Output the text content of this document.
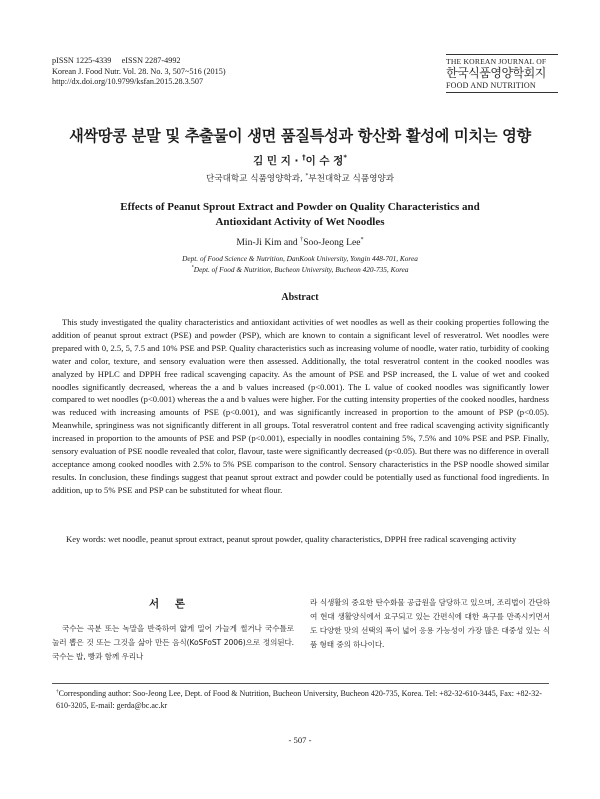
pISSN 1225-4339     eISSN 2287-4992
Korean J. Food Nutr. Vol. 28. No. 3, 507~516 (2015)
http://dx.doi.org/10.9799/ksfan.2015.28.3.507
THE KOREAN JOURNAL OF
한국식품영양학회지
FOOD AND NUTRITION
새싹땅콩 분말 및 추출물이 생면 품질특성과 항산화 활성에 미치는 영향
김 민 지 · †이 수 정*
단국대학교 식품영양학과, *부천대학교 식품영양과
Effects of Peanut Sprout Extract and Powder on Quality Characteristics and
Antioxidant Activity of Wet Noodles
Min-Ji Kim and †Soo-Jeong Lee*
Dept. of Food Science & Nutrition, DanKook University, Yongin 448-701, Korea
*Dept. of Food & Nutrition, Bucheon University, Bucheon 420-735, Korea
Abstract
This study investigated the quality characteristics and antioxidant activities of wet noodles as well as their cooking properties following the addition of peanut sprout extract (PSE) and powder (PSP), which are known to contain a significant level of resveratrol. Wet noodles were prepared with 0, 2.5, 5, 7.5 and 10% PSE and PSP. Quality characteristics such as increasing volume of noodle, water ratio, turbidity of cooking water and color, texture, and sensory evaluation were then assessed. Additionally, the total resveratrol content in the cooked noodles was analyzed by HPLC and DPPH free radical scavenging capacity. As the amount of PSE and PSP increased, the L value of wet and cooked noodles significantly decreased, whereas the a and b values increased (p<0.001). The L value of cooked noodles was significantly lower compared to wet noodles (p<0.001) whereas the a and b values were higher. For the cutting intensity properties of the cooked noodles, hardness was reduced with increasing amounts of PSE (p<0.001), and was significantly increased in proportion to the amount of PSP (p<0.05). Meanwhile, springiness was not significantly different in all groups. Total resveratrol content and free radical scavenging activity significantly increased in proportion to the amounts of PSE and PSP (p<0.001), especially in noodles containing 5%, 7.5% and 10% PSE and PSP. Finally, sensory evaluation of PSE noodle revealed that color, flavour, taste were significantly decreased (p<0.05). But there was no difference in overall acceptance among cooked noodles with 2.5% to 5% PSE comparison to the control. Sensory characteristics in the PSP noodle showed similar results. In conclusion, these findings suggest that peanut sprout extract and powder could be potentially used as functional food ingredients. In addition, up to 5% PSE and PSP can be substituted for wheat flour.
Key words: wet noodle, peanut sprout extract, peanut sprout powder, quality characteristics, DPPH free radical scavenging activity
서 론
국수는 곡분 또는 녹말을 반죽하여 얇게 밀어 가늘게 썰거나 국수틀로 눌러 뽑은 것 또는 그것을 삶아 만든 음식(KoSFoST 2006)으로 정의된다. 국수는 밥, 빵과 함께 우리나
라 식생활의 중요한 탄수화물 공급원을 담당하고 있으며, 조리법이 간단하여 현대 생활양식에서 요구되고 있는 간편식에 대한 욕구를 만족시키면서도 다양한 맛의 선택의 폭이 넓어 응용 가능성이 가장 많은 대중성 있는 식품 형태 중의 하나이다.
†Corresponding author: Soo-Jeong Lee, Dept. of Food & Nutrition, Bucheon University, Bucheon 420-735, Korea. Tel: +82-32-610-3445, Fax: +82-32-610-3205, E-mail: gerda@bc.ac.kr
- 507 -
